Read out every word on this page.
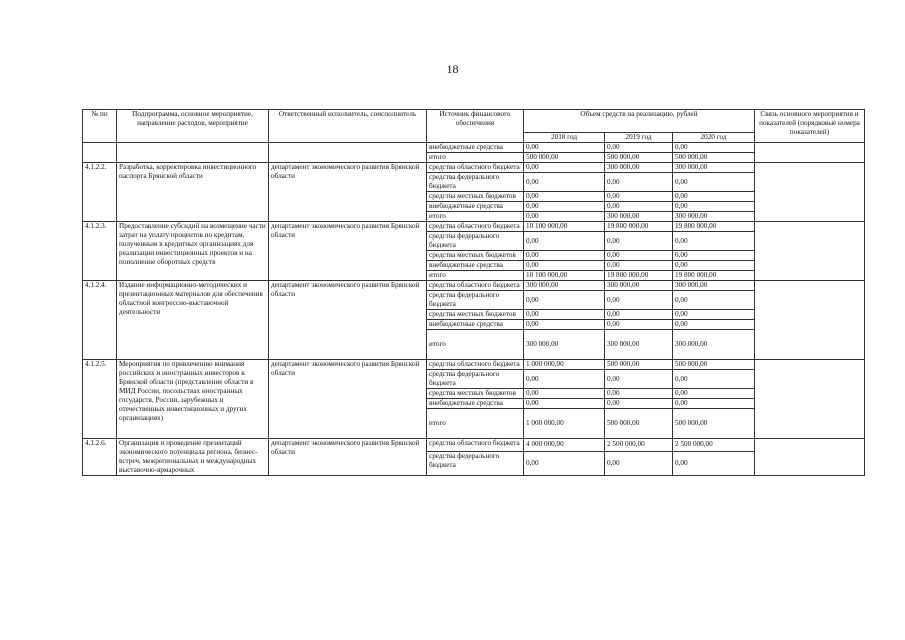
18
№ пп	Подпрограмма, основное мероприятие, направление расходов, мероприятие	Ответственный исполнитель, соисполнитель	Источник финансового обеспечения	Объем средств на реализацию, рублей			Связь основного мероприятия и показателей (порядковые номера показателей)
				2018 год	2019 год	2020 год	
			внебюджетные средства	0,00	0,00	0,00	
			итого	500 000,00	500 000,00	500 000,00	
4.1.2.2.	Разработка, корректировка инвестиционного паспорта Брянской области	департамент экономического развития Брянской области	средства областного бюджета	0,00	300 000,00	300 000,00	
			средства федерального бюджета	0,00	0,00	0,00	
			средства местных бюджетов	0,00	0,00	0,00	
			внебюджетные средства	0,00	0,00	0,00	
			итого	0,00	300 000,00	300 000,00	
4.1.2.3.	Предоставление субсидий на возмещение части затрат на уплату процентов по кредитам, полученным в кредитных организациях для реализации инвестиционных проектов и на пополнение оборотных средств	департамент экономического развития Брянской области	средства областного бюджета	10 100 000,00	19 800 000,00	19 800 000,00	
			средства федерального бюджета	0,00	0,00	0,00	
			средства местных бюджетов	0,00	0,00	0,00	
			внебюджетные средства	0,00	0,00	0,00	
			итого	10 100 000,00	19 800 000,00	19 800 000,00	
4.1.2.4.	Издание информационно-методических и презентационных материалов для обеспечения областной конгрессно-выставочной деятельности	департамент экономического развития Брянской области	средства областного бюджета	300 000,00	300 000,00	300 000,00	
			средства федерального бюджета	0,00	0,00	0,00	
			средства местных бюджетов	0,00	0,00	0,00	
			внебюджетные средства	0,00	0,00	0,00	
			итого	300 000,00	300 000,00	300 000,00	
4.1.2.5.	Мероприятия по привлечению внимания российских и иностранных инвесторов к Брянской области (представление области в МИД России, посольствах иностранных государств, России, зарубежных и отечественных инвестиционных и других организациях)	департамент экономического развития Брянской области	средства областного бюджета	1 000 000,00	500 000,00	500 000,00	
			средства федерального бюджета	0,00	0,00	0,00	
			средства местных бюджетов	0,00	0,00	0,00	
			внебюджетные средства	0,00	0,00	0,00	
			итого	1 000 000,00	500 000,00	500 000,00	
4.1.2.6.	Организация и проведение презентаций экономического потенциала региона, бизнес-встреч, межрегиональных и международных выставочно-ярмарочных	департамент экономического развития Брянской области	средства областного бюджета	4 000 000,00	2 500 000,00	2 500 000,00	
			средства федерального бюджета	0,00	0,00	0,00	
